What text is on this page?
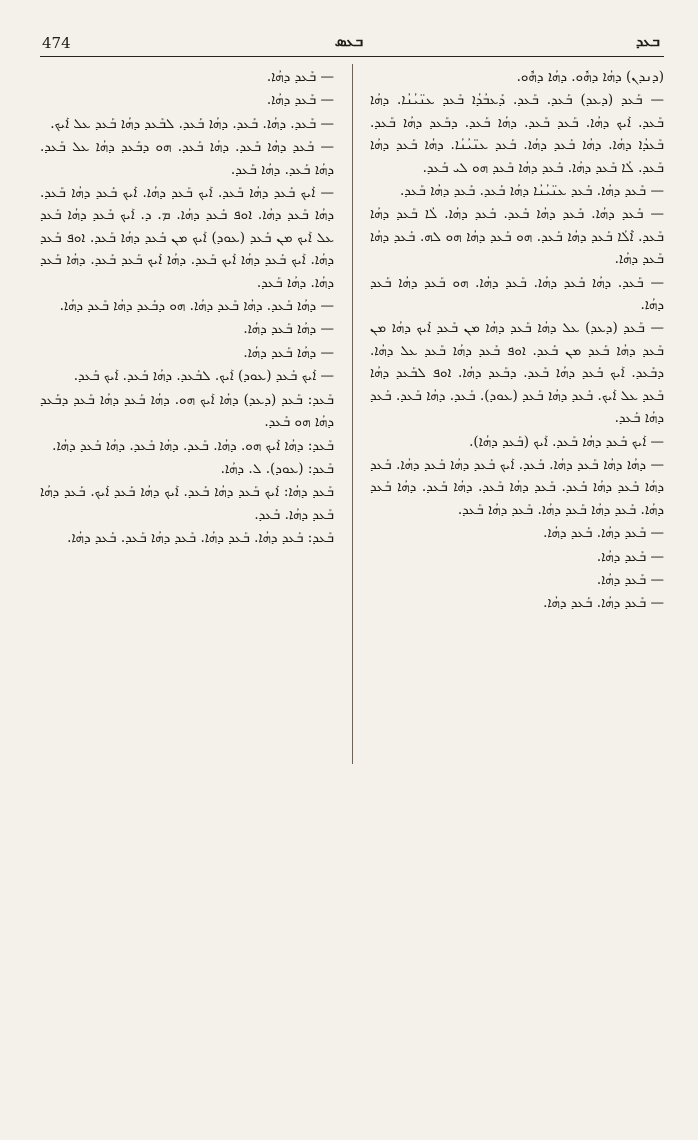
474	ܒܥܣ	ܒܥܕ

(ܕܢܕܢ) ܕܗܳܐ ܕܗܽܘ. ܕܗܳܐ ܕܗܽܘ.

— ܒܰܥܕ (ܕܥܕ) ܒܰܥܕ. ܒܰܥܕ. ܕܰܥܒܳܕܳܐ ܒܰܥܕ ܥܢ̈ܝܳܢܳܐ. ܕܗܳܐ ܒܰܥܕ. ܐܰܝܟ ܕܗܳܐ. ܒܰܥܕ ܒܰܥܕ. ܕܗܳܐ ܒܰܥܕ. ܕܒܰܥܕ ܕܗܳܐ ܒܰܥܕ. ܒܰܥܕܳܐ ܕܗܳܐ. ܕܗܳܐ ܒܰܥܕ ܕܗܳܐ. ܒܰܥܕ ܥܢ̈ܝܳܢܳܐ. ܕܗܳܐ ܒܰܥܕ ܕܗܳܐ ܒܰܥܕ. ܠܳܐ ܒܰܥܕ ܕܗܳܐ. ܒܰܥܕ ܕܗܳܐ ܒܰܥܕ ܗܘ ܠܝ ܒܰܥܕ.

— ܒܰܥܕ ܕܗܳܐ. ܒܰܥܕ ܥܢ̈ܝܳܢܳܐ ܕܗܳܐ ܒܰܥܕ. ܒܰܥܕ ܕܗܳܐ ܒܰܥܕ.

— ܒܰܥܕ ܕܗܳܐ. ܒܰܥܕ ܕܗܳܐ ܒܰܥܕ. ܒܰܥܕ ܕܗܳܐ. ܠܳܐ ܒܰܥܕ ܕܗܳܐ ܒܰܥܕ. ܐܶܠܳܐ ܒܰܥܕ ܕܗܳܐ ܒܰܥܕ. ܗܘ ܒܰܥܕ ܕܗܳܐ ܗܘ ܠܗ. ܒܰܥܕ ܕܗܳܐ ܒܰܥܕ ܕܗܳܐ.

— ܒܰܥܕ. ܕܗܳܐ ܒܰܥܕ ܕܗܳܐ. ܒܰܥܕ ܕܗܳܐ. ܗܘ ܒܰܥܕ ܕܗܳܐ ܒܰܥܕ ܕܗܳܐ.

— ܒܰܥܕ (ܕܥܕ) ܥܠ ܕܗܳܐ ܒܰܥܕ ܕܗܳܐ ܡܢ ܒܰܥܕ ܐܰܝܟ ܕܗܳܐ ܡܢ ܒܰܥܕ ܕܗܳܐ ܒܰܥܕ ܡܢ ܒܰܥܕ. ܐܘܦ ܒܰܥܕ ܕܗܳܐ ܒܰܥܕ ܥܠ ܕܗܳܐ. ܕܒܰܥܕ. ܐܰܝܟ ܒܰܥܕ ܕܗܳܐ ܒܰܥܕ. ܕܒܰܥܕ ܕܗܳܐ. ܐܘܦ ܠܒܰܥܕ ܕܗܳܐ ܒܰܥܕ ܥܠ ܐܰܝܟ. ܒܰܥܕ ܕܗܳܐ ܒܰܥܕ (ܥܘܕ). ܒܰܥܕ. ܕܗܳܐ ܒܰܥܕ. ܒܰܥܕ ܕܗܳܐ ܒܰܥܕ.

— ܐܰܝܟ ܒܰܥܕ ܕܗܳܐ ܒܰܥܕ. ܐܰܝܟ (ܒܰܥܕ ܕܗܳܐ).

— ܕܗܳܐ ܕܗܳܐ ܒܰܥܕ ܕܗܳܐ. ܒܰܥܕ. ܐܰܝܟ ܒܰܥܕ ܕܗܳܐ ܒܰܥܕ ܕܗܳܐ. ܒܰܥܕ ܕܗܳܐ ܒܰܥܕ ܕܗܳܐ ܒܰܥܕ. ܒܰܥܕ ܕܗܳܐ ܒܰܥܕ. ܕܗܳܐ ܒܰܥܕ. ܕܗܳܐ ܒܰܥܕ ܕܗܳܐ. ܒܰܥܕ ܕܗܳܐ ܒܰܥܕ ܕܗܳܐ. ܒܰܥܕ ܕܗܳܐ ܒܰܥܕ.

— ܒܰܥܕ ܕܗܳܐ. ܒܰܥܕ ܕܗܳܐ.

— ܒܰܥܕ ܕܗܳܐ.

— ܒܰܥܕ ܕܗܳܐ.

— ܒܰܥܕ ܕܗܳܐ. ܒܰܥܕ ܕܗܳܐ.

— ܒܰܥܕ ܕܗܳܐ.

— ܒܰܥܕ ܕܗܳܐ.

— ܒܰܥܕ. ܕܗܳܐ. ܒܰܥܕ. ܕܗܳܐ ܒܰܥܕ. ܠܒܰܥܕ ܕܗܳܐ ܒܰܥܕ ܥܠ ܐܰܝܟ.

— ܒܰܥܕ ܕܗܳܐ ܒܰܥܕ. ܕܗܳܐ ܒܰܥܕ. ܗܘ ܕܒܰܥܕ ܕܗܳܐ ܥܠ ܒܰܥܕ. ܕܗܳܐ ܒܰܥܕ. ܕܗܳܐ ܒܰܥܕ.

— ܐܰܝܟ ܒܰܥܕ ܕܗܳܐ ܒܰܥܕ. ܐܰܝܟ ܒܰܥܕ ܕܗܳܐ. ܐܰܝܟ ܒܰܥܕ ܕܗܳܐ ܒܰܥܕ. ܕܗܳܐ ܒܰܥܕ ܕܗܳܐ. ܐܘܦ ܒܰܥܕ ܕܗܳܐ. ܡ. ܕ. ܐܰܝܟ ܒܰܥܕ ܕܗܳܐ ܒܰܥܕ ܥܠ ܐܰܝܟ ܡܢ ܒܰܥܕ (ܥܘܕ) ܐܰܝܟ ܡܢ ܒܰܥܕ ܕܗܳܐ ܒܰܥܕ. ܐܘܦ ܒܰܥܕ ܕܗܳܐ. ܐܰܝܟ ܒܰܥܕ ܕܗܳܐ ܐܰܝܟ ܒܰܥܕ. ܕܗܳܐ ܐܰܝܟ ܒܰܥܕ ܒܰܥܕ. ܕܗܳܐ ܒܰܥܕ ܕܗܳܐ. ܕܗܳܐ ܒܰܥܕ.

— ܕܗܳܐ ܒܰܥܕ. ܕܗܳܐ ܒܰܥܕ ܕܗܳܐ. ܗܘ ܕܒܰܥܕ ܕܗܳܐ ܒܰܥܕ ܕܗܳܐ.

— ܕܗܳܐ ܒܰܥܕ ܕܗܳܐ.

— ܕܗܳܐ ܒܰܥܕ ܕܗܳܐ.

— ܐܰܝܟ ܒܰܥܕ (ܥܘܕ) ܐܰܝܟ. ܠܒܰܥܕ. ܕܗܳܐ ܒܰܥܕ. ܐܰܝܟ ܒܰܥܕ.

ܒܰܥܕ: ܒܰܥܕ (ܕܥܕ) ܕܗܳܐ ܐܰܝܟ ܗܘ. ܕܗܳܐ ܒܰܥܕ ܕܗܳܐ ܒܰܥܕ ܕܒܰܥܕ ܕܗܳܐ ܗܘ ܒܰܥܕ.

ܒܰܥܕ: ܕܗܳܐ ܐܰܝܟ ܗܘ. ܕܗܳܐ. ܒܰܥܕ. ܕܗܳܐ ܒܰܥܕ. ܕܗܳܐ ܒܰܥܕ ܕܗܳܐ.

ܒܰܥܕ: (ܥܘܕ). ܠ. ܕܗܳܐ.

ܒܰܥܕ ܕܗܳܐ: ܐܰܝܟ ܒܰܥܕ ܕܗܳܐ ܒܰܥܕ. ܐܰܝܟ ܕܗܳܐ ܒܰܥܕ ܐܰܝܟ. ܒܰܥܕ ܕܗܳܐ ܒܰܥܕ ܕܗܳܐ. ܒܰܥܕ.

ܒܰܥܕ: ܒܰܥܕ ܕܗܳܐ. ܒܰܥܕ ܕܗܳܐ. ܒܰܥܕ ܕܗܳܐ ܒܰܥܕ. ܒܰܥܕ ܕܗܳܐ.
